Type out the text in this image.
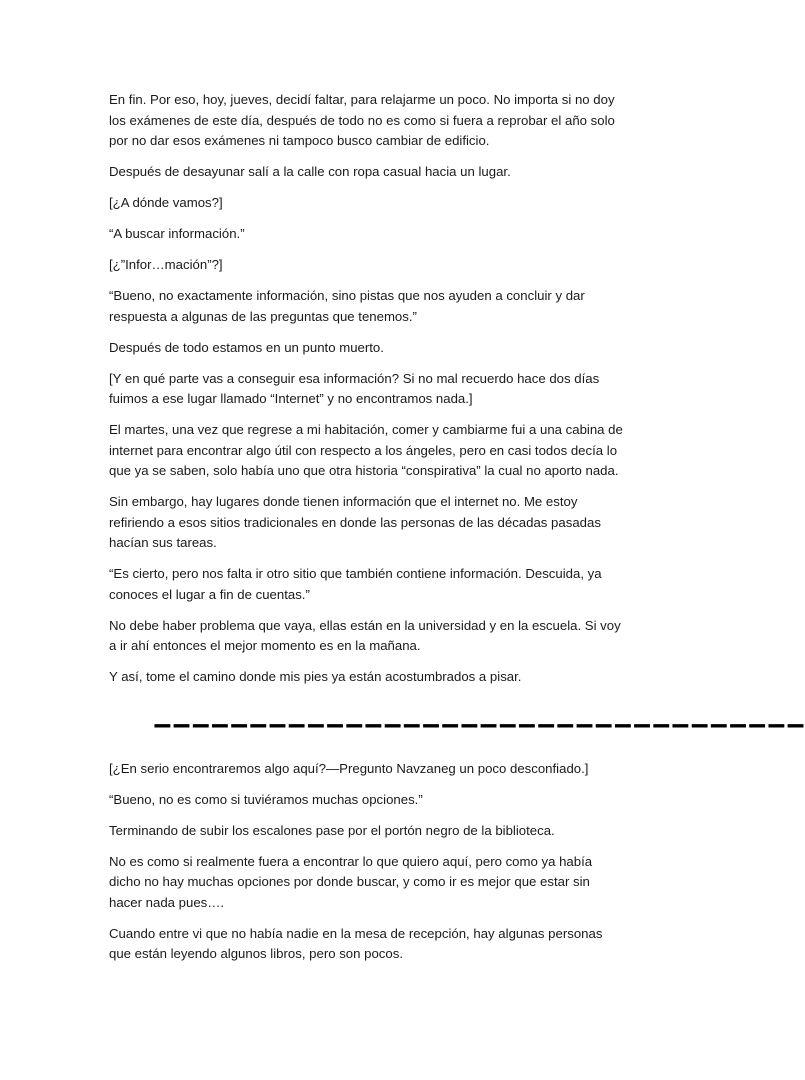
En fin. Por eso, hoy, jueves, decidí faltar, para relajarme un poco. No importa si no doy
los exámenes de este día, después de todo no es como si fuera a reprobar el año solo
por no dar esos exámenes ni tampoco busco cambiar de edificio.

Después de desayunar salí a la calle con ropa casual hacia un lugar.

[¿A dónde vamos?]

“A buscar información.”

[¿”Infor…mación”?]

“Bueno, no exactamente información, sino pistas que nos ayuden a concluir y dar
respuesta a algunas de las preguntas que tenemos.”

Después de todo estamos en un punto muerto.

[Y en qué parte vas a conseguir esa información? Si no mal recuerdo hace dos días
fuimos a ese lugar llamado “Internet” y no encontramos nada.]

El martes, una vez que regrese a mi habitación, comer y cambiarme fui a una cabina de
internet para encontrar algo útil con respecto a los ángeles, pero en casi todos decía lo
que ya se saben, solo había uno que otra historia “conspirativa” la cual no aporto nada.

Sin embargo, hay lugares donde tienen información que el internet no. Me estoy
refiriendo a esos sitios tradicionales en donde las personas de las décadas pasadas
hacían sus tareas.

“Es cierto, pero nos falta ir otro sitio que también contiene información. Descuida, ya
conoces el lugar a fin de cuentas.”

No debe haber problema que vaya, ellas están en la universidad y en la escuela. Si voy
a ir ahí entonces el mejor momento es en la mañana.

Y así, tome el camino donde mis pies ya están acostumbrados a pisar.

‒‒‒‒‒‒‒‒‒‒‒‒‒‒‒‒‒‒‒‒‒‒‒‒‒‒‒‒‒‒‒‒‒‒

[¿En serio encontraremos algo aquí?—Pregunto Navzaneg un poco desconfiado.]

“Bueno, no es como si tuviéramos muchas opciones.”

Terminando de subir los escalones pase por el portón negro de la biblioteca.

No es como si realmente fuera a encontrar lo que quiero aquí, pero como ya había
dicho no hay muchas opciones por donde buscar, y como ir es mejor que estar sin
hacer nada pues….

Cuando entre vi que no había nadie en la mesa de recepción, hay algunas personas
que están leyendo algunos libros, pero son pocos.
